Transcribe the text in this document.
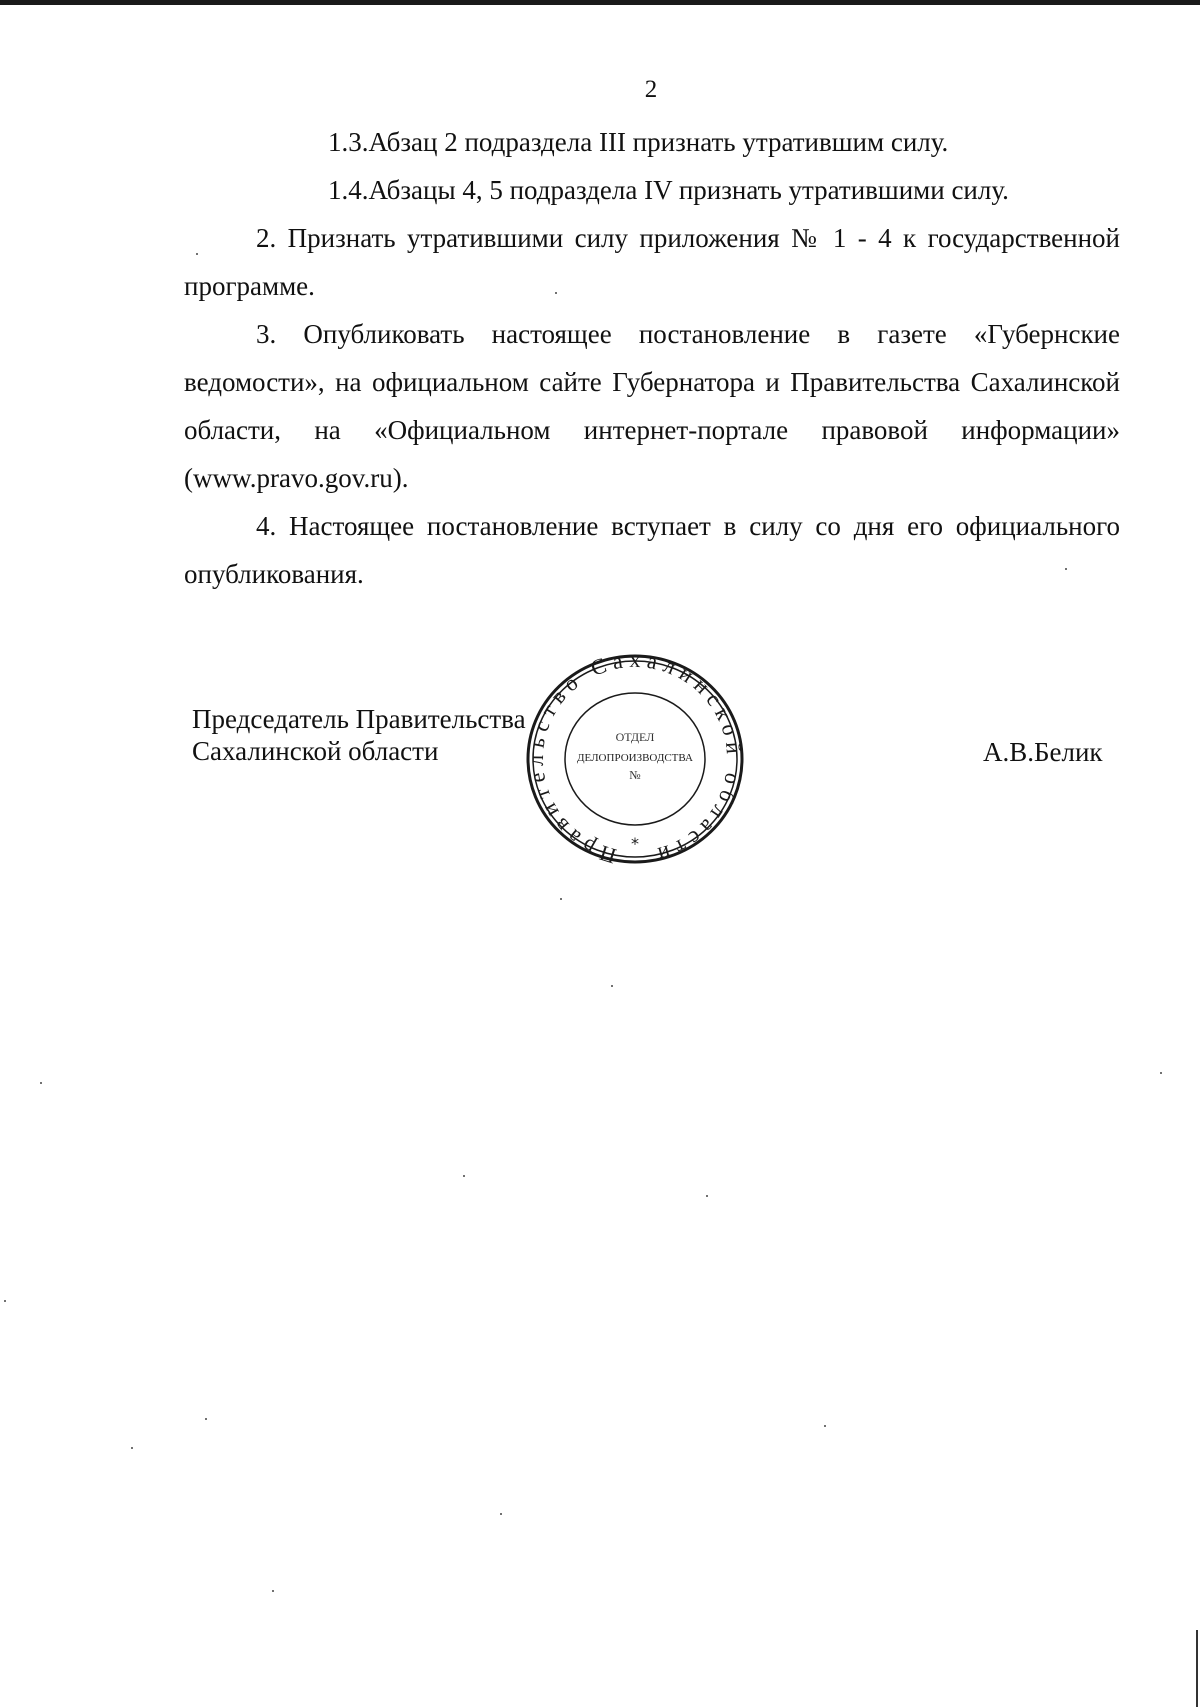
2

1.3.Абзац 2 подраздела III признать утратившим силу.

1.4.Абзацы 4, 5 подраздела IV признать утратившими силу.

2. Признать утратившими силу приложения № 1 - 4 к государственной программе.

3. Опубликовать настоящее постановление в газете «Губернские ведомости», на официальном сайте Губернатора и Правительства Сахалинской области, на «Официальном интернет-портале правовой информации» (www.pravo.gov.ru).

4. Настоящее постановление вступает в силу со дня его официального опубликования.

Председатель Правительства
Сахалинской области	А.В.Белик
Правительство Сахалинской области
ОТДЕЛ
ДЕЛОПРОИЗВОДСТВА
№
*
